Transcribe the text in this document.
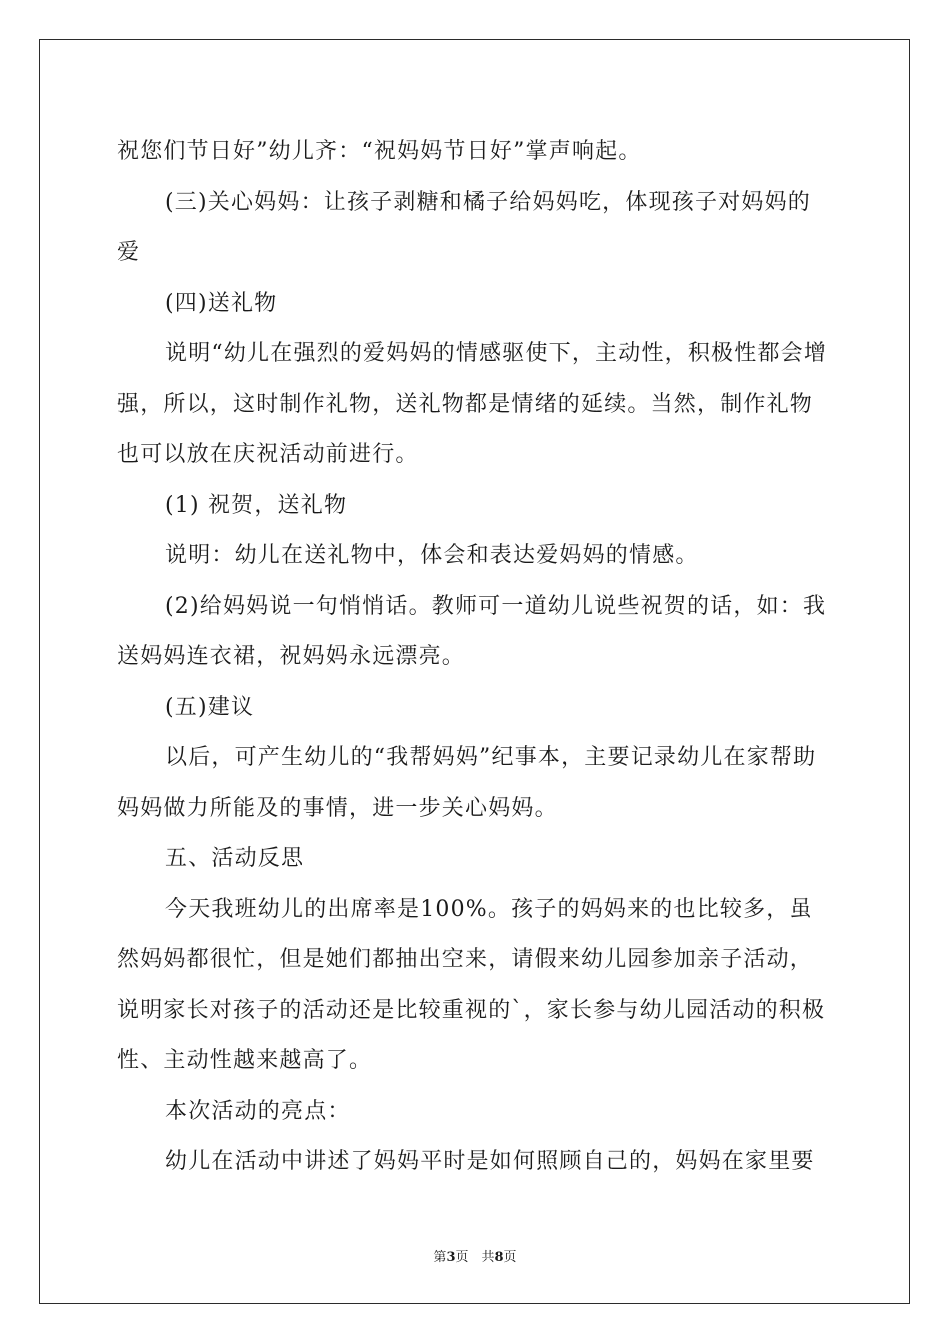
祝您们节日好”幼儿齐：“祝妈妈节日好”掌声响起。

(三)关心妈妈：让孩子剥糖和橘子给妈妈吃，体现孩子对妈妈的爱

(四)送礼物

说明“幼儿在强烈的爱妈妈的情感驱使下，主动性，积极性都会增强，所以，这时制作礼物，送礼物都是情绪的延续。当然，制作礼物也可以放在庆祝活动前进行。

(1) 祝贺，送礼物

说明：幼儿在送礼物中，体会和表达爱妈妈的情感。

(2)给妈妈说一句悄悄话。教师可一道幼儿说些祝贺的话，如：我送妈妈连衣裙，祝妈妈永远漂亮。

(五)建议

以后，可产生幼儿的“我帮妈妈”纪事本，主要记录幼儿在家帮助妈妈做力所能及的事情，进一步关心妈妈。

五、活动反思

今天我班幼儿的出席率是100%。孩子的妈妈来的也比较多，虽然妈妈都很忙，但是她们都抽出空来，请假来幼儿园参加亲子活动，说明家长对孩子的活动还是比较重视的`，家长参与幼儿园活动的积极性、主动性越来越高了。

本次活动的亮点：

幼儿在活动中讲述了妈妈平时是如何照顾自己的，妈妈在家里要

第3页　共8页
